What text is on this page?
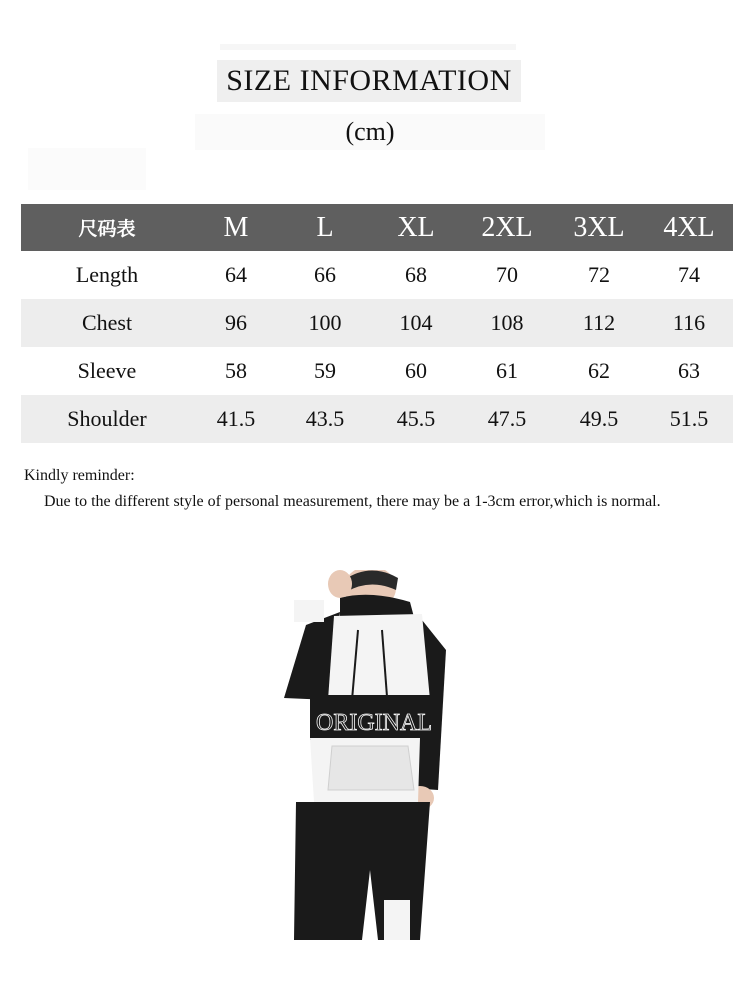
SIZE INFORMATION
(cm)
尺码表	M	L	XL	2XL	3XL	4XL
Length	64	66	68	70	72	74
Chest	96	100	104	108	112	116
Sleeve	58	59	60	61	62	63
Shoulder	41.5	43.5	45.5	47.5	49.5	51.5
Kindly reminder:
Due to the different style of personal measurement, there may be a 1-3cm error,which is normal.
ORIGINAL
